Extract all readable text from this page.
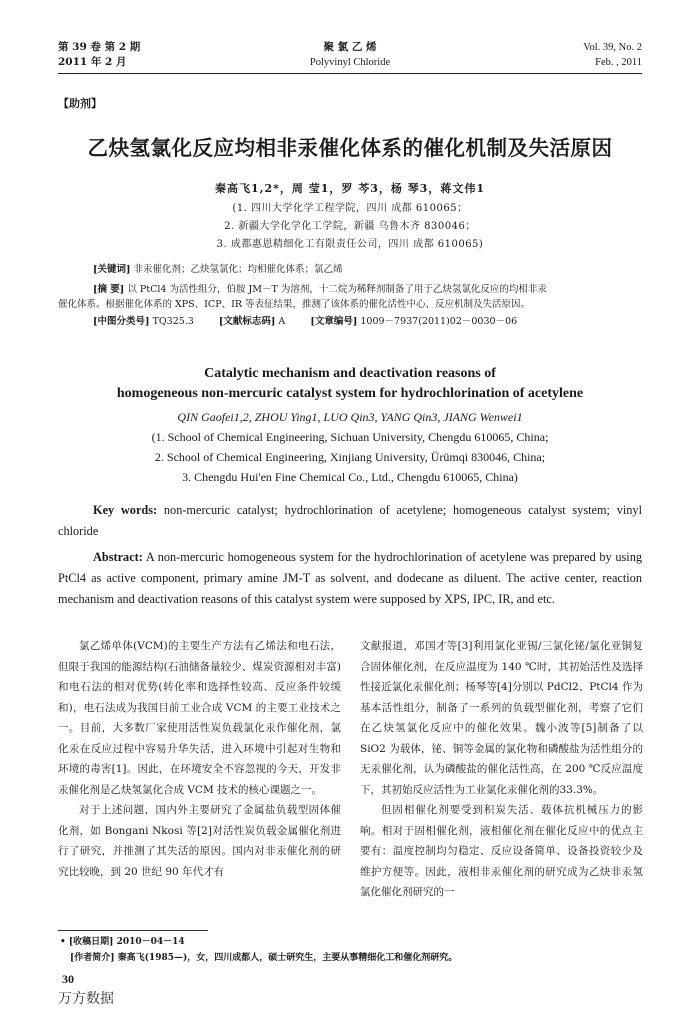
第 39 卷 第 2 期
2011 年 2 月
聚 氯 乙 烯
Polyvinyl Chloride
Vol. 39, No. 2
Feb. , 2011
【助剂】
乙炔氢氯化反应均相非汞催化体系的催化机制及失活原因
秦高飞1,2*，周 莹1，罗 芩3，杨 琴3，蒋文伟1
(1. 四川大学化学工程学院，四川 成都 610065；
2. 新疆大学化学化工学院，新疆 乌鲁木齐 830046；
3. 成都惠恩精细化工有限责任公司，四川 成都 610065)
[关键词] 非汞催化剂；乙炔氢氯化；均相催化体系；氯乙烯
[摘 要] 以 PtCl4 为活性组分，伯胺 JM－T 为溶剂，十二烷为稀释剂制备了用于乙炔氢氯化反应的均相非汞
催化体系。根据催化体系的 XPS、ICP、IR 等表征结果，推测了该体系的催化活性中心、反应机制及失活原因。
[中图分类号] TQ325.3	[文献标志码] A	[文章编号] 1009－7937(2011)02－0030－06
Catalytic mechanism and deactivation reasons of
homogeneous non-mercuric catalyst system for hydrochlorination of acetylene
QIN Gaofei1,2, ZHOU Ying1, LUO Qin3, YANG Qin3, JIANG Wenwei1
(1. School of Chemical Engineering, Sichuan University, Chengdu 610065, China;
2. School of Chemical Engineering, Xinjiang University, Ürümqi 830046, China;
3. Chengdu Hui'en Fine Chemical Co., Ltd., Chengdu 610065, China)
Key words: non-mercuric catalyst; hydrochlorination of acetylene; homogeneous catalyst system; vinyl chloride
Abstract: A non-mercuric homogeneous system for the hydrochlorination of acetylene was prepared by using PtCl4 as active component, primary amine JM-T as solvent, and dodecane as diluent. The active center, reaction mechanism and deactivation reasons of this catalyst system were supposed by XPS, IPC, IR, and etc.

氯乙烯单体(VCM)的主要生产方法有乙烯法和电石法，但限于我国的能源结构(石油储备量较少、煤炭资源相对丰富)和电石法的相对优势(转化率和选择性较高、反应条件较缓和)，电石法成为我国目前工业合成 VCM 的主要工业技术之一。目前，大多数厂家使用活性炭负载氯化汞作催化剂，氯化汞在反应过程中容易升华失活，进入环境中引起对生物和环境的毒害[1]。因此，在环境安全不容忽视的今天，开发非汞催化剂是乙炔氢氯化合成 VCM 技术的核心课题之一。

对于上述问题，国内外主要研究了金属盐负载型固体催化剂，如 Bongani Nkosi 等[2]对活性炭负载金属催化剂进行了研究，并推测了其失活的原因。国内对非汞催化剂的研究比较晚，到 20 世纪 90 年代才有

文献报道，邓国才等[3]利用氯化亚锡/三氯化铋/氯化亚铜复合固体催化剂，在反应温度为 140 ℃时，其初始活性及选择性接近氯化汞催化剂；杨琴等[4]分别以 PdCl2、PtCl4 作为基本活性组分，制备了一系列的负载型催化剂，考察了它们在乙炔氢氯化反应中的催化效果。魏小波等[5]制备了以 SiO2 为载体，铋、铜等金属的氯化物和磷酸盐为活性组分的无汞催化剂，认为磷酸盐的催化活性高，在 200 ℃反应温度下，其初始反应活性为工业氯化汞催化剂的33.3%。

但固相催化剂要受到积炭失活、载体抗机械压力的影响。相对于固相催化剂，液相催化剂在催化反应中的优点主要有：温度控制均匀稳定、反应设备简单、设备投资较少及维护方便等。因此，液相非汞催化剂的研究成为乙炔非汞氢氯化催化剂研究的一

• [收稿日期] 2010－04－14
[作者简介] 秦高飞(1985—)，女，四川成都人，硕士研究生，主要从事精细化工和催化剂研究。
30
万方数据
